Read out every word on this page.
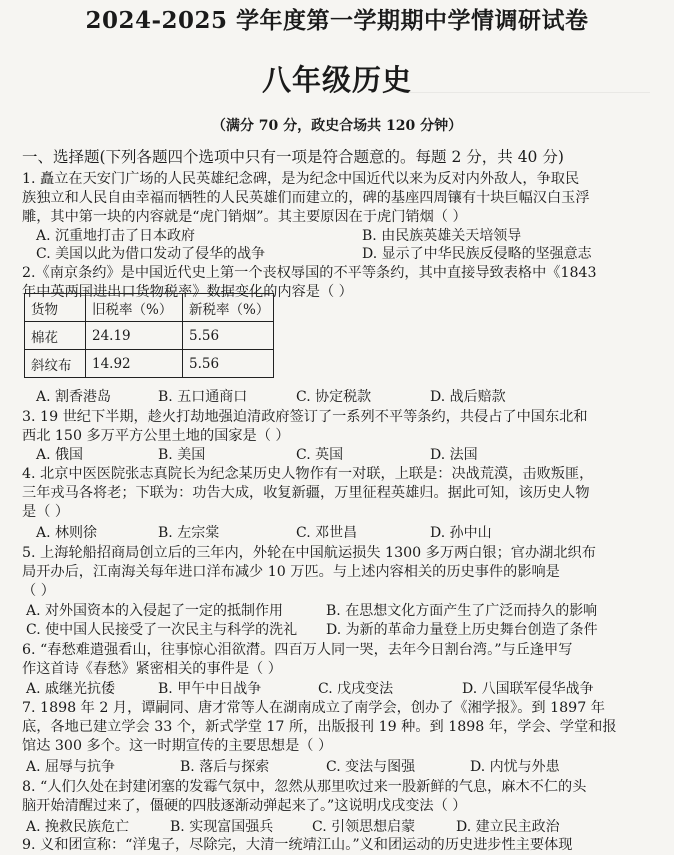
2024-2025 学年度第一学期期中学情调研试卷
八年级历史
（满分 70 分，政史合场共 120 分钟）
一、选择题(下列各题四个选项中只有一项是符合题意的。每题 2 分，共 40 分)
1. 矗立在天安门广场的人民英雄纪念碑，是为纪念中国近代以来为反对内外敌人，争取民
族独立和人民自由幸福而牺牲的人民英雄们而建立的，碑的基座四周镶有十块巨幅汉白玉浮
雕，其中第一块的内容就是“虎门销烟”。其主要原因在于虎门销烟（ ）
A. 沉重地打击了日本政府	B. 由民族英雄关天培领导
C. 美国以此为借口发动了侵华的战争	D. 显示了中华民族反侵略的坚强意志
2.《南京条约》是中国近代史上第一个丧权辱国的不平等条约，其中直接导致表格中《1843
年中英两国进出口货物税率》数据变化的内容是（ ）
货物	旧税率（%）	新税率（%）
棉花	24.19	5.56
斜纹布	14.92	5.56
A. 割香港岛	B. 五口通商口	C. 协定税款	D. 战后赔款
3. 19 世纪下半期，趁火打劫地强迫清政府签订了一系列不平等条约，共侵占了中国东北和
西北 150 多万平方公里土地的国家是（ ）
A. 俄国	B. 美国	C. 英国	D. 法国
4. 北京中医医院张志真院长为纪念某历史人物作有一对联，上联是：决战荒漠，击败叛匪，
三年戎马各将老；下联为：功告大成，收复新疆，万里征程英雄归。据此可知，该历史人物
是（ ）
A. 林则徐	B. 左宗棠	C. 邓世昌	D. 孙中山
5. 上海轮船招商局创立后的三年内，外轮在中国航运损失 1300 多万两白银；官办湖北织布
局开办后，江南海关每年进口洋布减少 10 万匹。与上述内容相关的历史事件的影响是
（ ）
A. 对外国资本的入侵起了一定的抵制作用	B. 在思想文化方面产生了广泛而持久的影响
C. 使中国人民接受了一次民主与科学的洗礼 D. 为新的革命力量登上历史舞台创造了条件
6. “春愁难遣强看山，往事惊心泪欲潸。四百万人同一哭，去年今日割台湾。”与丘逢甲写
作这首诗《春愁》紧密相关的事件是（ ）
A. 戚继光抗倭	B. 甲午中日战争	C. 戊戌变法	D. 八国联军侵华战争
7. 1898 年 2 月，谭嗣同、唐才常等人在湖南成立了南学会，创办了《湘学报》。到 1897 年
底，各地已建立学会 33 个，新式学堂 17 所，出版报刊 19 种。到 1898 年，学会、学堂和报
馆达 300 多个。这一时期宣传的主要思想是（ ）
A. 屈辱与抗争	B. 落后与探索	C. 变法与图强	D. 内忧与外患
8. “人们久处在封建闭塞的发霉气氛中，忽然从那里吹过来一股新鲜的气息，麻木不仁的头
脑开始清醒过来了，僵硬的四肢逐渐动弹起来了。”这说明戊戌变法（ ）
A. 挽救民族危亡	B. 实现富国强兵	C. 引领思想启蒙	D. 建立民主政治
9. 义和团宣称：“洋鬼子，尽除完，大清一统靖江山。”义和团运动的历史进步性主要体现
